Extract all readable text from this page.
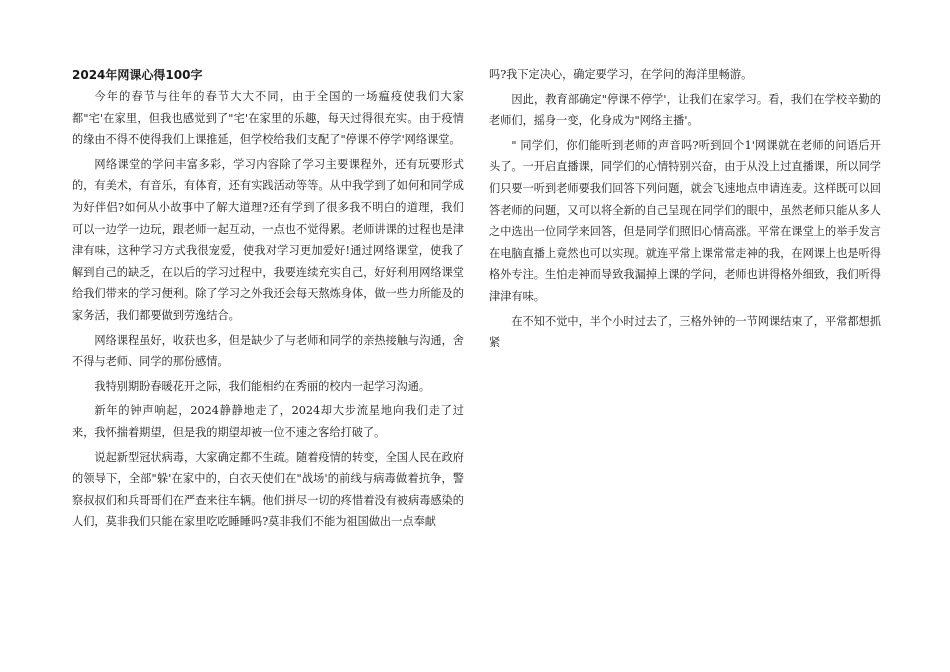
2024年网课心得100字

今年的春节与往年的春节大大不同，由于全国的一场瘟疫使我们大家都"宅'在家里，但我也感觉到了"宅'在家里的乐趣，每天过得很充实。由于疫情的缘由不得不使得我们上课推延，但学校给我们支配了"停课不停学'网络课堂。

网络课堂的学问丰富多彩，学习内容除了学习主要课程外，还有玩要形式的，有美术，有音乐，有体育，还有实践活动等等。从中我学到了如何和同学成为好伴侣?如何从小故事中了解大道理?还有学到了很多我不明白的道理，我们可以一边学一边玩，跟老师一起互动，一点也不觉得累。老师讲课的过程也是津津有味，这种学习方式我很宠爱，使我对学习更加爱好!通过网络课堂，使我了解到自己的缺乏，在以后的学习过程中，我要连续充实自己，好好利用网络课堂给我们带来的学习便利。除了学习之外我还会每天熬炼身体，做一些力所能及的家务活，我们都要做到劳逸结合。

网络课程虽好，收获也多，但是缺少了与老师和同学的亲热接触与沟通，舍不得与老师、同学的那份感情。

我特别期盼春暖花开之际，我们能相约在秀丽的校内一起学习沟通。

新年的钟声响起，2024静静地走了，2024却大步流星地向我们走了过来，我怀揣着期望，但是我的期望却被一位不速之客给打破了。

说起新型冠状病毒，大家确定都不生疏。随着疫情的转变，全国人民在政府的领导下，全部"躲'在家中的，白衣天使们在"战场'的前线与病毒做着抗争，警察叔叔们和兵哥哥们在严查来往车辆。他们拼尽一切的疼惜着没有被病毒感染的人们，莫非我们只能在家里吃吃睡睡吗?莫非我们不能为祖国做出一点奉献

吗?我下定决心，确定要学习，在学问的海洋里畅游。

因此，教育部确定"停课不停学'，让我们在家学习。看，我们在学校辛勤的老师们，摇身一变，化身成为"网络主播'。

" 同学们，你们能听到老师的声音吗?听到回个1'网课就在老师的问语后开头了。一开启直播课，同学们的心情特别兴奋，由于从没上过直播课，所以同学们只要一听到老师要我们回答下列问题，就会飞速地点申请连麦。这样既可以回答老师的问题，又可以将全新的自己呈现在同学们的眼中，虽然老师只能从多人之中选出一位同学来回答，但是同学们照旧心情高涨。平常在课堂上的举手发言在电脑直播上竟然也可以实现。就连平常上课常常走神的我，在网课上也是听得格外专注。生怕走神而导致我漏掉上课的学问，老师也讲得格外细致，我们听得津津有味。

在不知不觉中，半个小时过去了，三格外钟的一节网课结束了，平常都想抓紧
